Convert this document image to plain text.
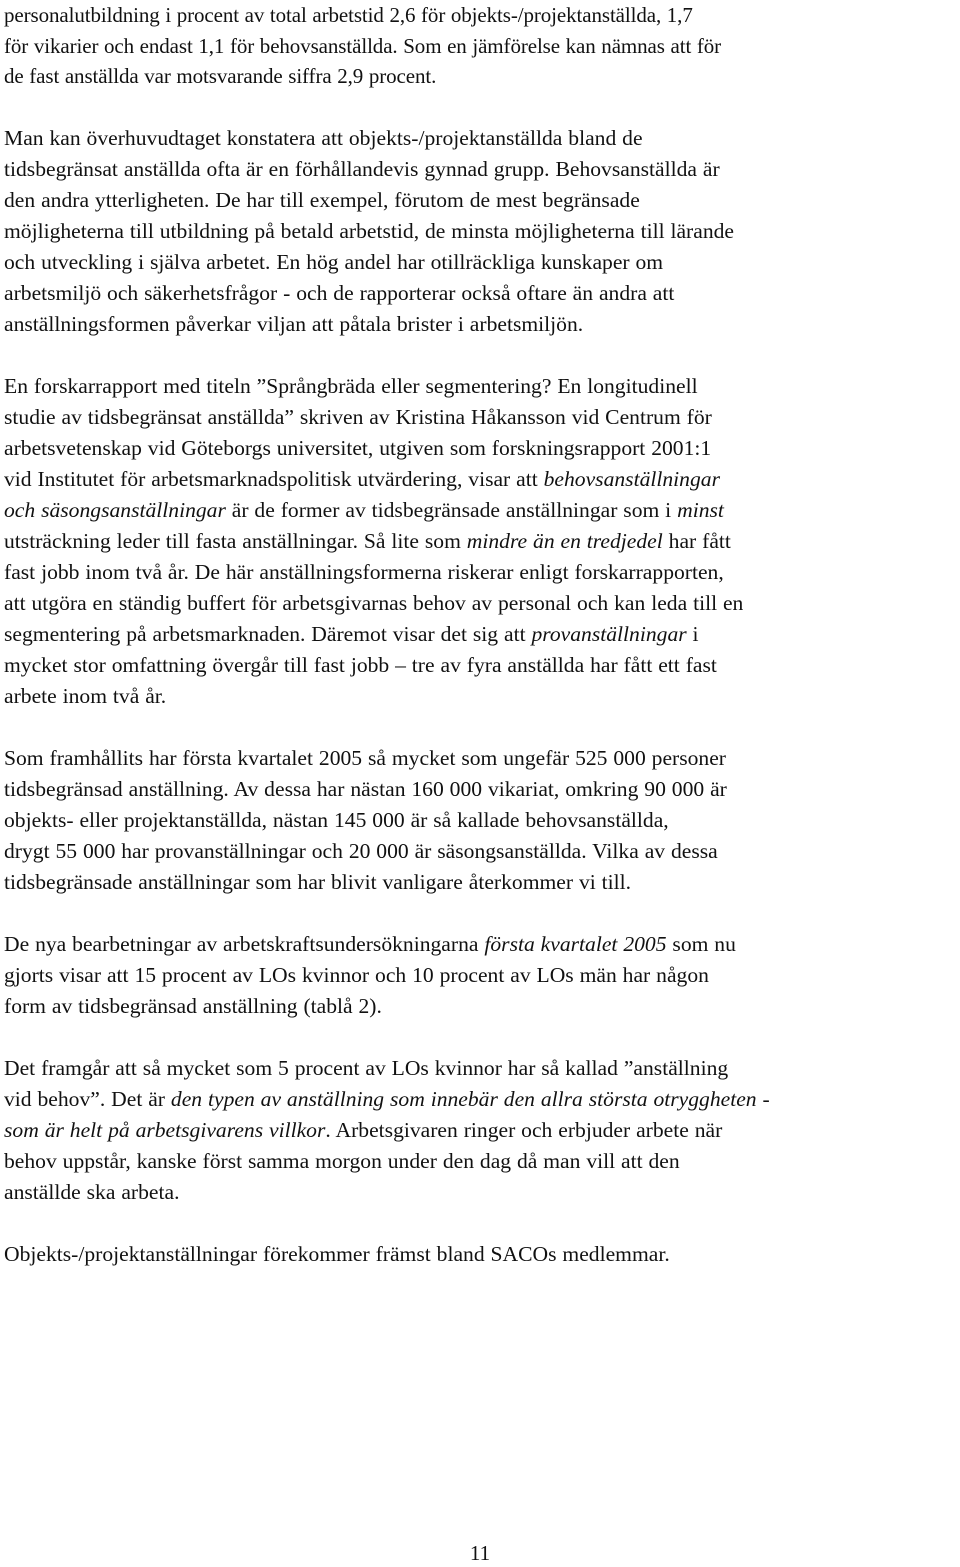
personalutbildning i procent av total arbetstid 2,6 för objekts-/projektanställda, 1,7
för vikarier och endast 1,1 för behovsanställda. Som en jämförelse kan nämnas att för
de fast anställda var motsvarande siffra 2,9 procent.

Man kan överhuvudtaget konstatera att objekts-/projektanställda bland de
tidsbegränsat anställda ofta är en förhållandevis gynnad grupp. Behovsanställda är
den andra ytterligheten. De har till exempel, förutom de mest begränsade
möjligheterna till utbildning på betald arbetstid, de minsta möjligheterna till lärande
och utveckling i själva arbetet. En hög andel har otillräckliga kunskaper om
arbetsmiljö och säkerhetsfrågor - och de rapporterar också oftare än andra att
anställningsformen påverkar viljan att påtala brister i arbetsmiljön.

En forskarrapport med titeln ”Språngbräda eller segmentering? En longitudinell
studie av tidsbegränsat anställda” skriven av Kristina Håkansson vid Centrum för
arbetsvetenskap vid Göteborgs universitet, utgiven som forskningsrapport 2001:1
vid Institutet för arbetsmarknadspolitisk utvärdering, visar att behovsanställningar
och säsongsanställningar är de former av tidsbegränsade anställningar som i minst
utsträckning leder till fasta anställningar. Så lite som mindre än en tredjedel har fått
fast jobb inom två år. De här anställningsformerna riskerar enligt forskarrapporten,
att utgöra en ständig buffert för arbetsgivarnas behov av personal och kan leda till en
segmentering på arbetsmarknaden. Däremot visar det sig att provanställningar i
mycket stor omfattning övergår till fast jobb – tre av fyra anställda har fått ett fast
arbete inom två år.

Som framhållits har första kvartalet 2005 så mycket som ungefär 525 000 personer
tidsbegränsad anställning. Av dessa har nästan 160 000 vikariat, omkring 90 000 är
objekts- eller projektanställda, nästan 145 000 är så kallade behovsanställda,
drygt 55 000 har provanställningar och 20 000 är säsongsanställda. Vilka av dessa
tidsbegränsade anställningar som har blivit vanligare återkommer vi till.

De nya bearbetningar av arbetskraftsundersökningarna första kvartalet 2005 som nu
gjorts visar att 15 procent av LOs kvinnor och 10 procent av LOs män har någon
form av tidsbegränsad anställning (tablå 2).

Det framgår att så mycket som 5 procent av LOs kvinnor har så kallad ”anställning
vid behov”. Det är den typen av anställning som innebär den allra största otryggheten -
som är helt på arbetsgivarens villkor. Arbetsgivaren ringer och erbjuder arbete när
behov uppstår, kanske först samma morgon under den dag då man vill att den
anställde ska arbeta.

Objekts-/projektanställningar förekommer främst bland SACOs medlemmar.

11
